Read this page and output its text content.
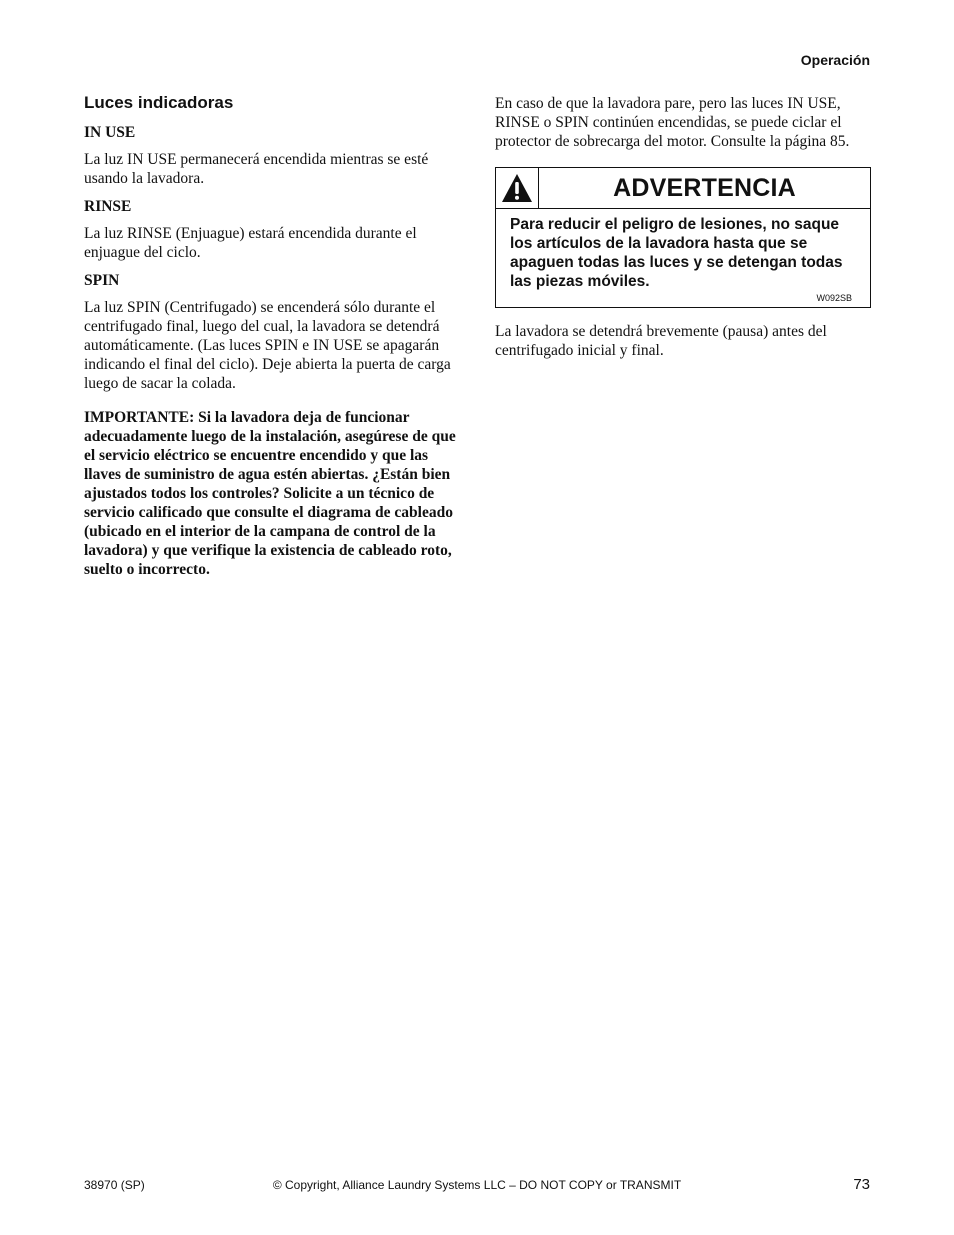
Operación
Luces indicadoras
IN USE

La luz IN USE permanecerá encendida mientras se esté usando la lavadora.

RINSE

La luz RINSE (Enjuague) estará encendida durante el enjuague del ciclo.

SPIN

La luz SPIN (Centrifugado) se encenderá sólo durante el centrifugado final, luego del cual, la lavadora se detendrá automáticamente. (Las luces SPIN e IN USE se apagarán indicando el final del ciclo). Deje abierta la puerta de carga luego de sacar la colada.

IMPORTANTE: Si la lavadora deja de funcionar adecuadamente luego de la instalación, asegúrese de que el servicio eléctrico se encuentre encendido y que las llaves de suministro de agua estén abiertas. ¿Están bien ajustados todos los controles? Solicite a un técnico de servicio calificado que consulte el diagrama de cableado (ubicado en el interior de la campana de control de la lavadora) y que verifique la existencia de cableado roto, suelto o incorrecto.

En caso de que la lavadora pare, pero las luces IN USE, RINSE o SPIN continúen encendidas, se puede ciclar el protector de sobrecarga del motor. Consulte la página 85.

ADVERTENCIA

Para reducir el peligro de lesiones, no saque los artículos de la lavadora hasta que se apaguen todas las luces y se detengan todas las piezas móviles.

W092SB

La lavadora se detendrá brevemente (pausa) antes del centrifugado inicial y final.

38970 (SP)	© Copyright, Alliance Laundry Systems LLC – DO NOT COPY or TRANSMIT	73
